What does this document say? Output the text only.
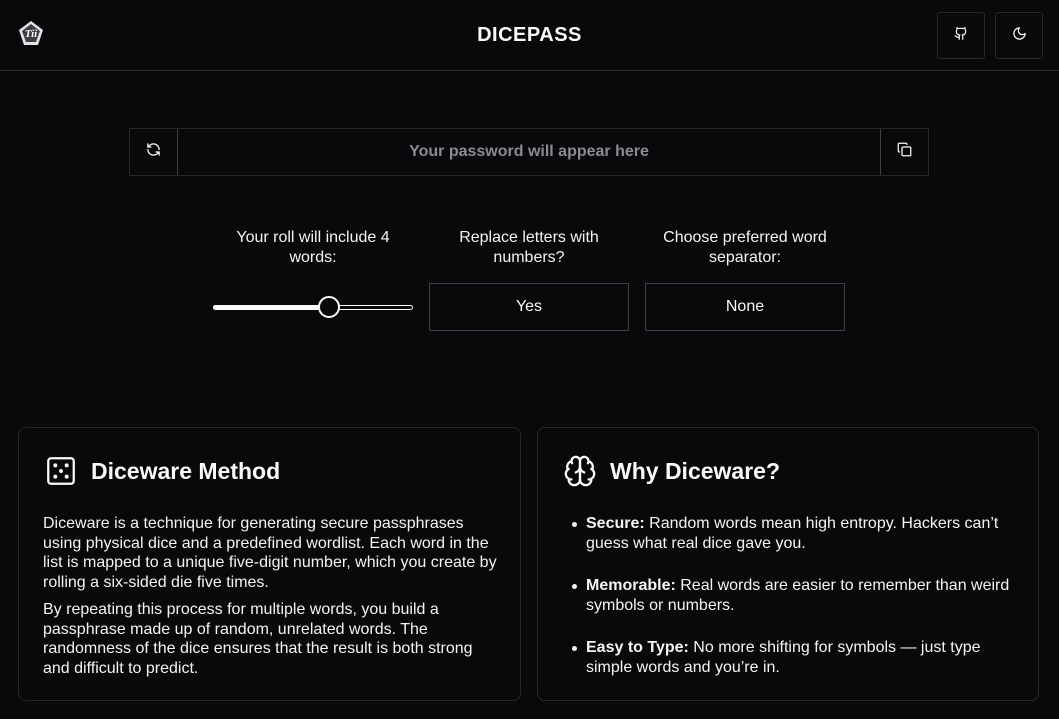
Tii	DICEPASS
Your password will appear here
Your roll will include 4 words:
Replace letters with numbers?
Yes
Choose preferred word separator:
None
Diceware Method

Diceware is a technique for generating secure passphrases using physical dice and a predefined wordlist. Each word in the list is mapped to a unique five-digit number, which you create by rolling a six-sided die five times.

By repeating this process for multiple words, you build a passphrase made up of random, unrelated words. The randomness of the dice ensures that the result is both strong and difficult to predict.

Why Diceware?
Secure: Random words mean high entropy. Hackers can’t guess what real dice gave you.
Memorable: Real words are easier to remember than weird symbols or numbers.
Easy to Type: No more shifting for symbols — just type simple words and you’re in.
